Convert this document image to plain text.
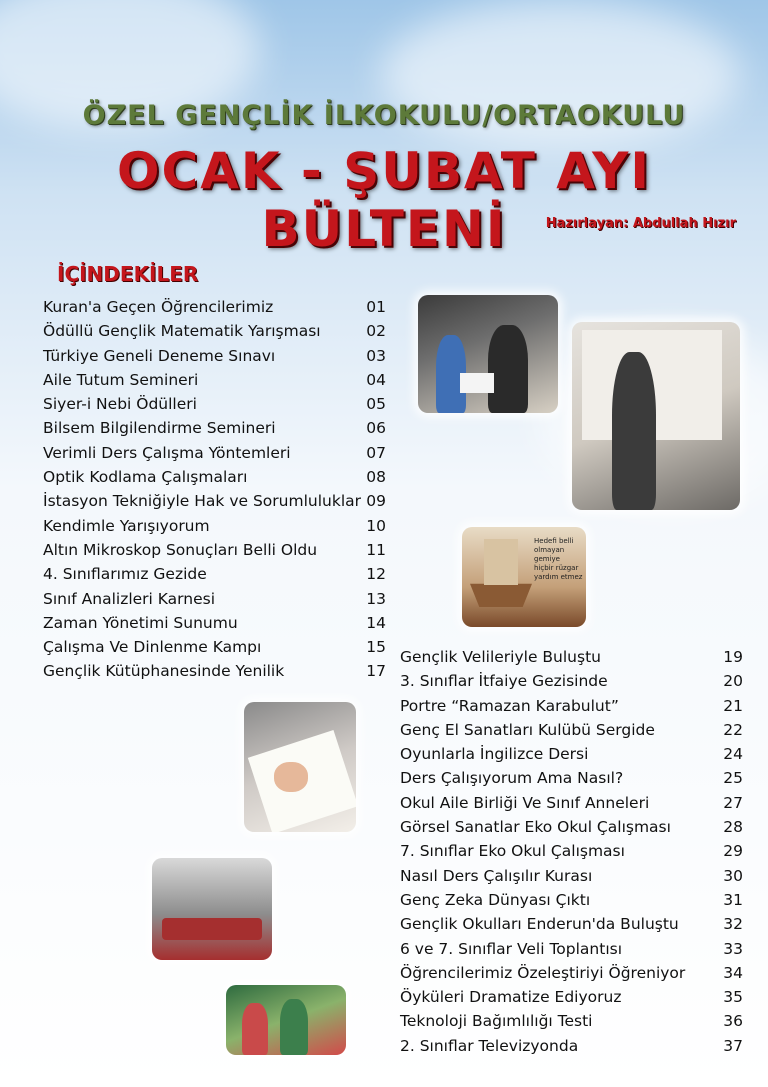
ÖZEL GENÇLİK İLKOKULU/ORTAOKULU
OCAK - ŞUBAT AYI BÜLTENİ	Hazırlayan: Abdullah Hızır
İÇİNDEKİLER
Kuran'a Geçen Öğrencilerimiz	01
Ödüllü Gençlik Matematik Yarışması	02
Türkiye Geneli Deneme Sınavı	03
Aile Tutum Semineri	04
Siyer-i Nebi Ödülleri	05
Bilsem Bilgilendirme Semineri	06
Verimli Ders Çalışma Yöntemleri	07
Optik Kodlama Çalışmaları	08
İstasyon Tekniğiyle Hak ve Sorumluluklar 09
Kendimle Yarışıyorum	10
Altın Mikroskop Sonuçları Belli Oldu	11
4. Sınıflarımız Gezide	12
Sınıf Analizleri Karnesi	13
Zaman Yönetimi Sunumu	14
Çalışma Ve Dinlenme Kampı	15
Gençlik Kütüphanesinde Yenilik	17
Gençlik Velileriyle Buluştu	19
3. Sınıflar İtfaiye Gezisinde	20
Portre “Ramazan Karabulut”	21
Genç El Sanatları Kulübü Sergide	22
Oyunlarla İngilizce Dersi	24
Ders Çalışıyorum Ama Nasıl?	25
Okul Aile Birliği Ve Sınıf Anneleri	27
Görsel Sanatlar Eko Okul Çalışması	28
7. Sınıflar Eko Okul Çalışması	29
Nasıl Ders Çalışılır Kurası	30
Genç Zeka Dünyası Çıktı	31
Gençlik Okulları Enderun'da Buluştu	32
6 ve 7. Sınıflar Veli Toplantısı	33
Öğrencilerimiz Özeleştiriyi Öğreniyor 34
Öyküleri Dramatize Ediyoruz	35
Teknoloji Bağımlılığı Testi	36
2. Sınıflar Televizyonda	37
Hedefi belli
olmayan gemiye
hiçbir rüzgar
yardım etmez
